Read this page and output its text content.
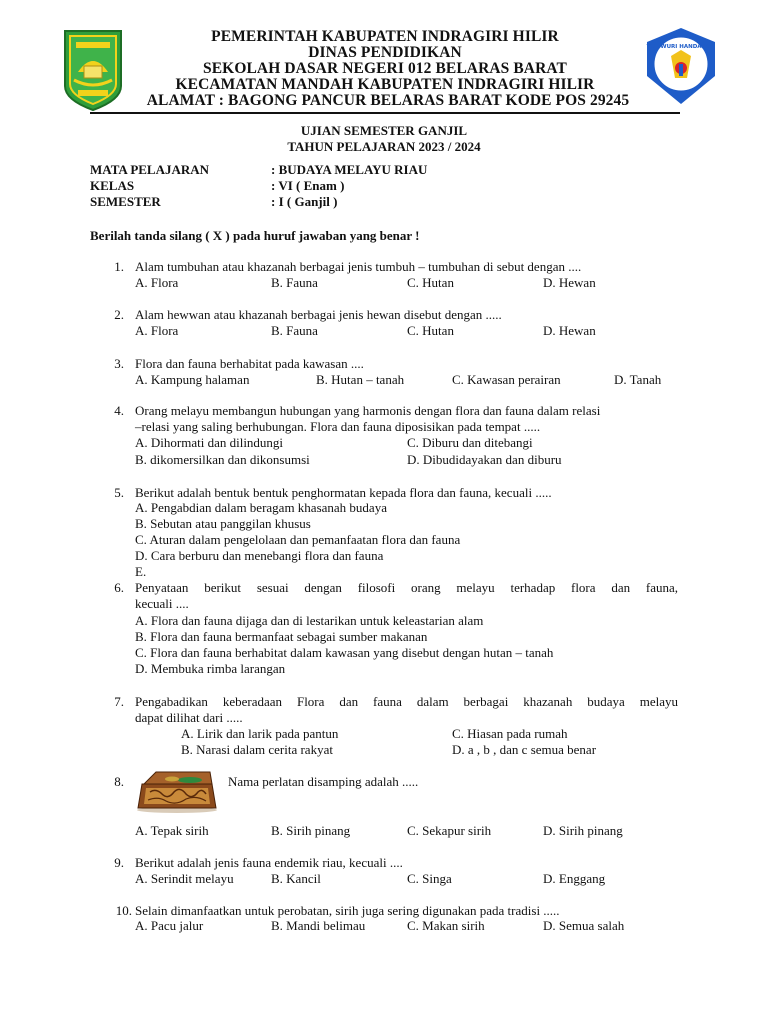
TUT WURI HANDAYANI
PEMERINTAH KABUPATEN INDRAGIRI HILIR
DINAS PENDIDIKAN
SEKOLAH DASAR NEGERI 012 BELARAS BARAT
KECAMATAN MANDAH KABUPATEN INDRAGIRI HILIR
ALAMAT : BAGONG PANCUR BELARAS BARAT KODE POS 29245
UJIAN SEMESTER GANJIL
TAHUN PELAJARAN 2023 / 2024
MATA PELAJARAN	: BUDAYA MELAYU RIAU
KELAS	: VI ( Enam )
SEMESTER	: I ( Ganjil )
Berilah tanda silang ( X ) pada huruf jawaban yang benar !
1. Alam tumbuhan atau khazanah berbagai jenis tumbuh – tumbuhan di sebut dengan ....
A. Flora	B. Fauna	C. Hutan	D. Hewan
2. Alam hewwan atau khazanah berbagai jenis hewan disebut dengan .....
A. Flora	B. Fauna	C. Hutan	D. Hewan
3. Flora dan fauna berhabitat pada kawasan ....
A. Kampung halaman	B. Hutan – tanah	C. Kawasan perairan	D. Tanah
4. Orang melayu membangun hubungan yang harmonis dengan flora dan fauna dalam relasi
–relasi yang saling berhubungan. Flora dan fauna diposisikan pada tempat .....
A. Dihormati dan dilindungi	C. Diburu dan ditebangi
B. dikomersilkan dan dikonsumsi	D. Dibudidayakan dan diburu
5. Berikut adalah bentuk bentuk penghormatan kepada flora dan fauna, kecuali .....
A. Pengabdian dalam beragam khasanah budaya
B. Sebutan atau panggilan khusus
C. Aturan dalam pengelolaan dan pemanfaatan flora dan fauna
D. Cara berburu dan menebangi flora dan fauna
E.
6. Penyataan berikut sesuai dengan filosofi orang melayu terhadap flora dan fauna,
kecuali ....
A. Flora dan fauna dijaga dan di lestarikan untuk keleastarian alam
B. Flora dan fauna bermanfaat sebagai sumber makanan
C. Flora dan fauna berhabitat dalam kawasan yang disebut dengan hutan – tanah
D. Membuka rimba larangan
7. Pengabadikan keberadaan Flora dan fauna dalam berbagai khazanah budaya melayu
dapat dilihat dari .....
A. Lirik dan larik pada pantun	C. Hiasan pada rumah
B. Narasi dalam cerita rakyat	D. a , b , dan c semua benar
8.	Nama perlatan disamping adalah .....
A. Tepak sirih	B. Sirih pinang	C. Sekapur sirih	D. Sirih pinang
9. Berikut adalah jenis fauna endemik riau, kecuali ....
A. Serindit melayu	B. Kancil	C. Singa	D. Enggang
10. Selain dimanfaatkan untuk perobatan, sirih juga sering digunakan pada tradisi .....
A. Pacu jalur	B. Mandi belimau	C. Makan sirih	D. Semua salah
